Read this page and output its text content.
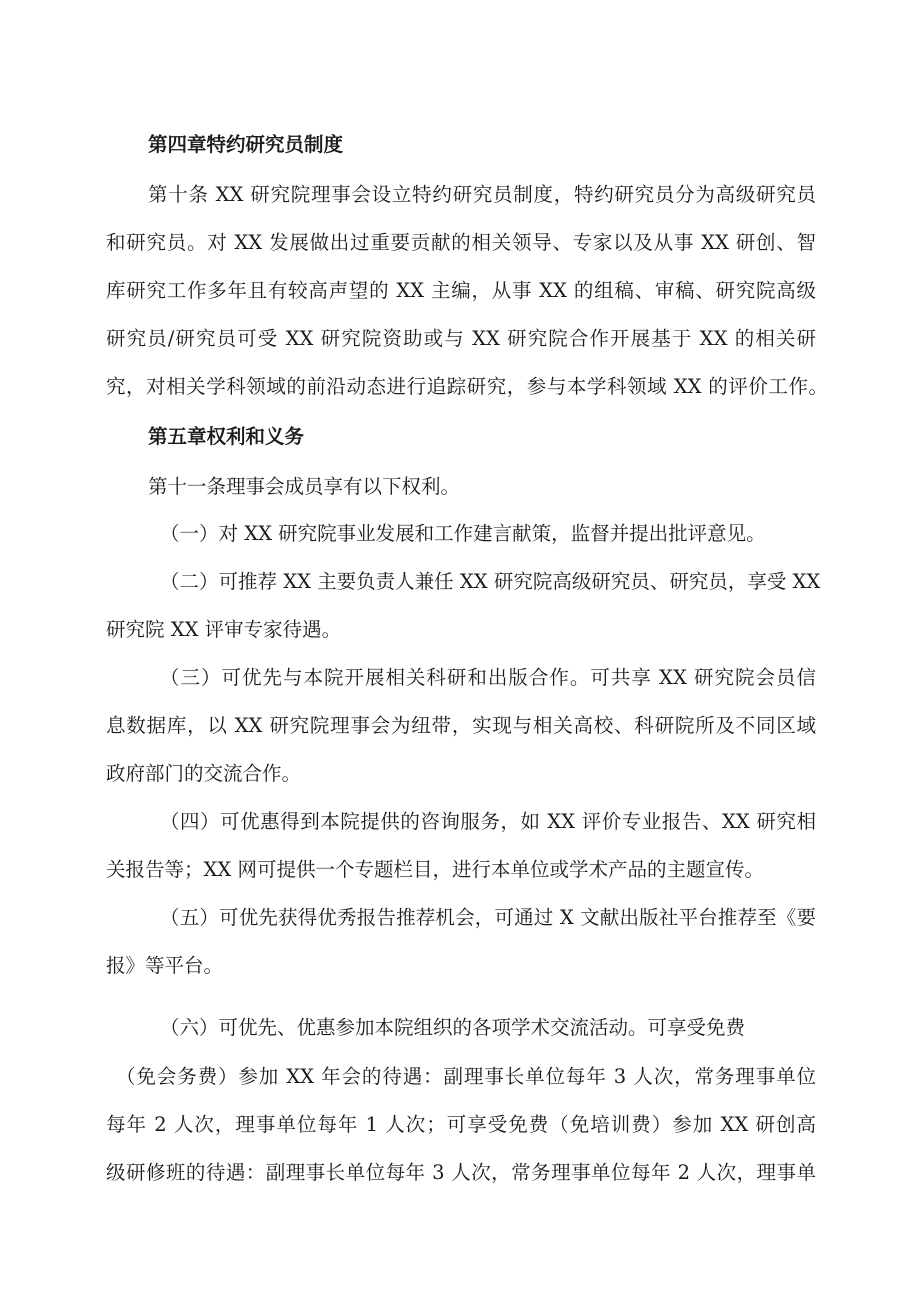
第四章特约研究员制度
第十条 XX 研究院理事会设立特约研究员制度，特约研究员分为高级研究员
和研究员。对 XX 发展做出过重要贡献的相关领导、专家以及从事 XX 研创、智
库研究工作多年且有较高声望的 XX 主编，从事 XX 的组稿、审稿、研究院高级
研究员/研究员可受 XX 研究院资助或与 XX 研究院合作开展基于 XX 的相关研
究，对相关学科领域的前沿动态进行追踪研究，参与本学科领域 XX 的评价工作。
第五章权利和义务
第十一条理事会成员享有以下权利。
（一）对 XX 研究院事业发展和工作建言献策，监督并提出批评意见。
（二）可推荐 XX 主要负责人兼任 XX 研究院高级研究员、研究员，享受 XX
研究院 XX 评审专家待遇。
（三）可优先与本院开展相关科研和出版合作。可共享 XX 研究院会员信
息数据库，以 XX 研究院理事会为纽带，实现与相关高校、科研院所及不同区域
政府部门的交流合作。
（四）可优惠得到本院提供的咨询服务，如 XX 评价专业报告、XX 研究相
关报告等；XX 网可提供一个专题栏目，进行本单位或学术产品的主题宣传。
（五）可优先获得优秀报告推荐机会，可通过 X 文献出版社平台推荐至《要
报》等平台。
（六）可优先、优惠参加本院组织的各项学术交流活动。可享受免费
（免会务费）参加 XX 年会的待遇：副理事长单位每年 3 人次，常务理事单位
每年 2 人次，理事单位每年 1 人次；可享受免费（免培训费）参加 XX 研创高
级研修班的待遇：副理事长单位每年 3 人次，常务理事单位每年 2 人次，理事单
